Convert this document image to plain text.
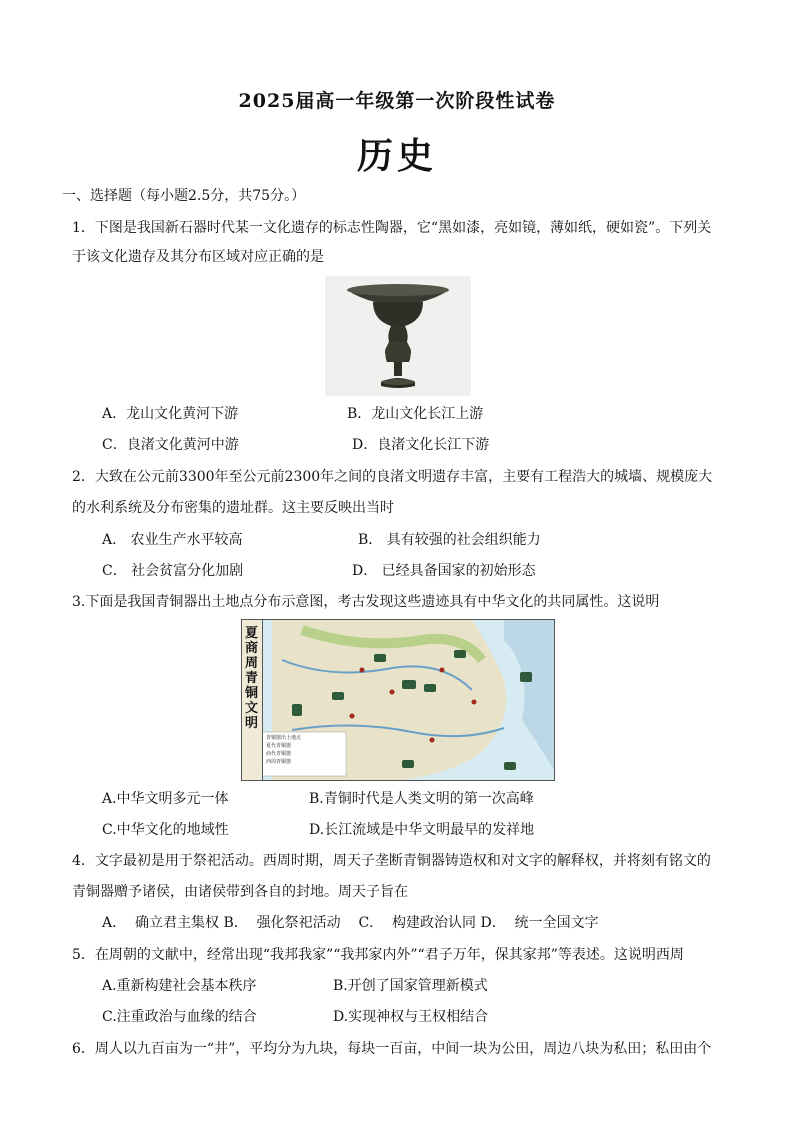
2025届高一年级第一次阶段性试卷
历史
一、选择题（每小题2.5分，共75分。）
1．下图是我国新石器时代某一文化遗存的标志性陶器，它“黑如漆，亮如镜，薄如纸，硬如瓷”。下列关
于该文化遗存及其分布区域对应正确的是
A．龙山文化黄河下游	B．龙山文化长江上游
C．良渚文化黄河中游	D．良渚文化长江下游
2．大致在公元前3300年至公元前2300年之间的良渚文明遗存丰富，主要有工程浩大的城墙、规模庞大
的水利系统及分布密集的遗址群。这主要反映出当时
A． 农业生产水平较高	B． 具有较强的社会组织能力
C． 社会贫富分化加剧	D． 已经具备国家的初始形态
3.下面是我国青铜器出土地点分布示意图，考古发现这些遗迹具有中华文化的共同属性。这说明
夏商周青铜文明
青铜器出土地点
夏代青铜器
商代青铜器
西周青铜器
A.中华文明多元一体	B.青铜时代是人类文明的第一次高峰
C.中华文化的地域性	D.长江流域是中华文明最早的发祥地
4．文字最初是用于祭祀活动。西周时期，周天子垄断青铜器铸造权和对文字的解释权，并将刻有铭文的
青铜器赠予诸侯，由诸侯带到各自的封地。周天子旨在
A．  确立君主集权 B．  强化祭祀活动    C．  构建政治认同 D．  统一全国文字
5．在周朝的文献中，经常出现“我邦我家”“我邦家内外”“君子万年，保其家邦”等表述。这说明西周
A.重新构建社会基本秩序	B.开创了国家管理新模式
C.注重政治与血缘的结合	D.实现神权与王权相结合
6．周人以九百亩为一“井”，平均分为九块，每块一百亩，中间一块为公田，周边八块为私田；私田由个
